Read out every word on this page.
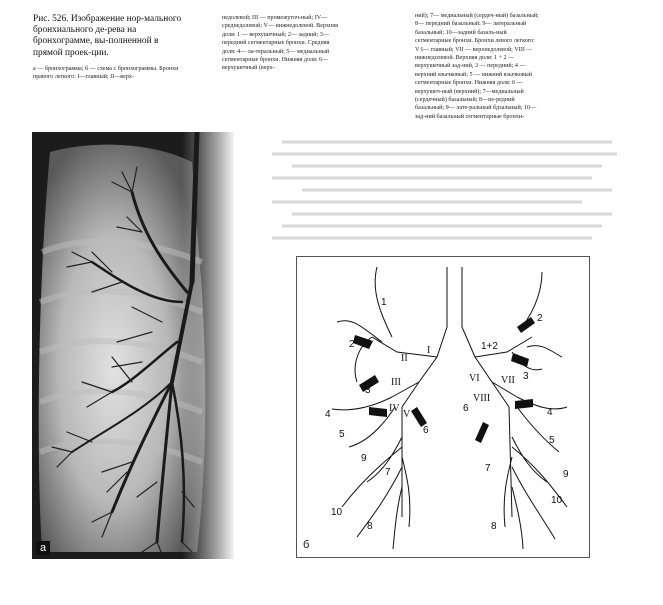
Рис. 526. Изображение нор-мального бронхиального де-рева на бронхограмме, вы-полненной в прямой проек-ции.

а — бронхограмма; б — схема с бронхограммы. Бронхи правого легкого: I—главный; II—верх-

недолевой; III — промежуточ-ный; IV—среднедолевой; V— нижнедолевой. Верхняя доля: 1 — верхушечный; 2— задний; 3— передний сегментарные бронхи. Средняя доля: 4— ла-теральный; 5— медиальный сегментарные бронхи. Нижняя доля: 6— верхушечный (верх-

ний); 7— медиальный (сердеч-ный) базальный; 8— передний базальный; 9— латеральный базальный; 10—задний базаль-ный сегментарные бронхи. Бронхи левого легкого: V I— главный; VII — верхнедолевой; VIII — нижнедолевой. Верхняя доля: 1 + 2 — верхушечный зад-ний, 3 — передний; 4 — верхний язычковый; 5 — нижний язычковый сегментарные бронхи. Нижняя доля: 6 — верхушеч-ный (верхний); 7—медиальный (сердечный) базальный; 8—пе-редний базальный; 9— лате-ральный бдзальный; 10— зад-ний базальный сегментарные бронхи-

а
1
2
3
4
5	6
7
8
9
10
I
II
III
IV
V
1+2
2
3
4
5
6
7
8
9
10
VI VII
VIII
б
